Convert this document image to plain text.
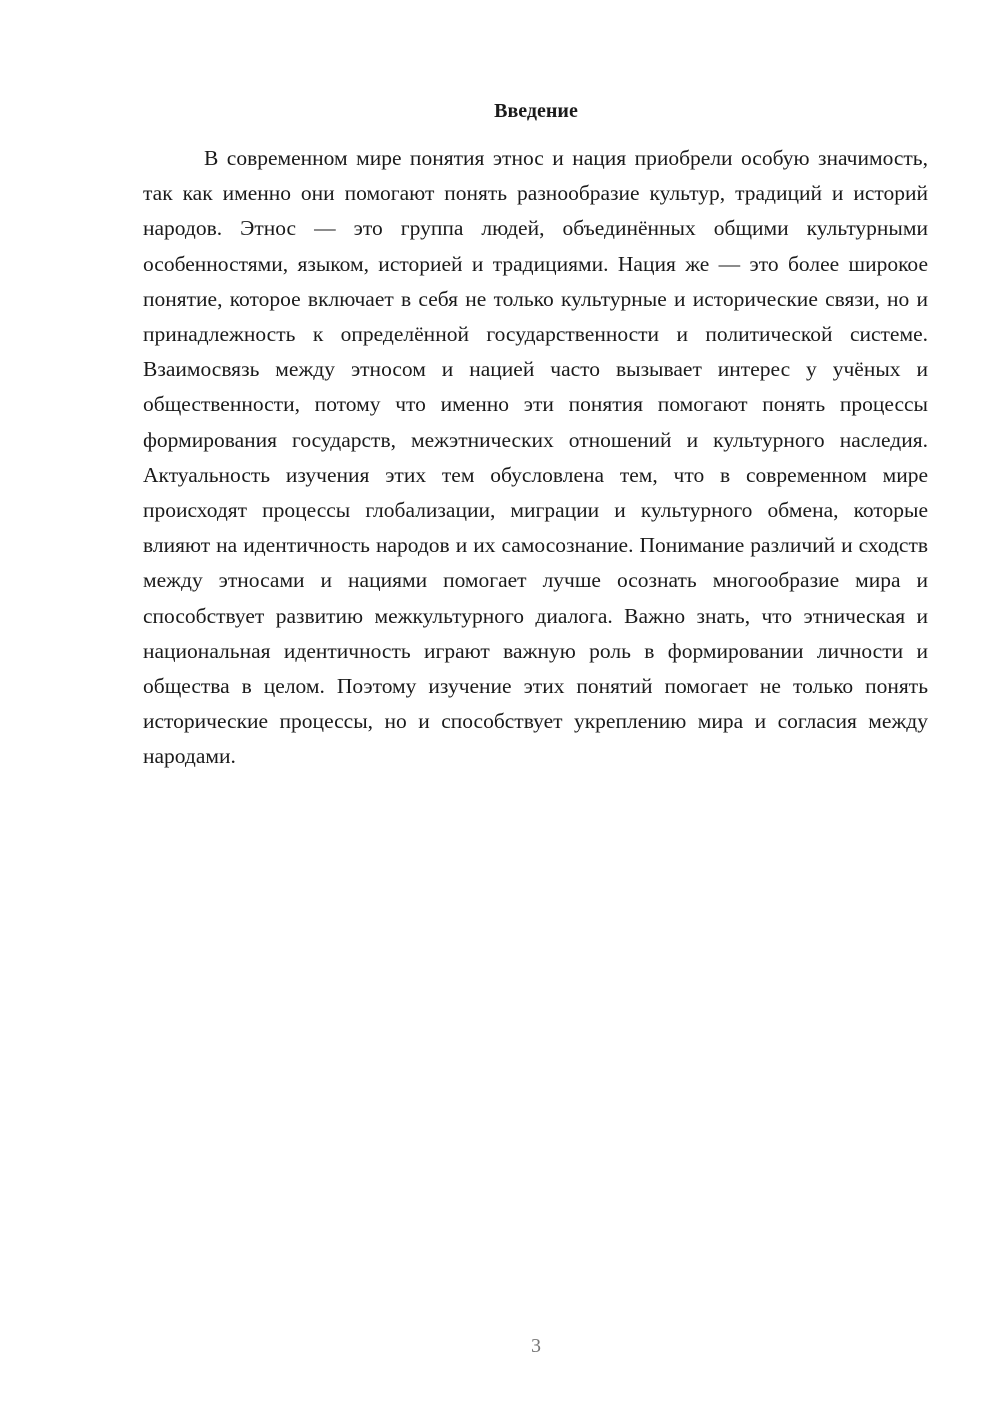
Введение

В современном мире понятия этнос и нация приобрели особую значимость, так как именно они помогают понять разнообразие культур, традиций и историй народов. Этнос — это группа людей, объединённых общими культурными особенностями, языком, историей и традициями. Нация же — это более широкое понятие, которое включает в себя не только культурные и исторические связи, но и принадлежность к определённой государственности и политической системе. Взаимосвязь между этносом и нацией часто вызывает интерес у учёных и общественности, потому что именно эти понятия помогают понять процессы формирования государств, межэтнических отношений и культурного наследия. Актуальность изучения этих тем обусловлена тем, что в современном мире происходят процессы глобализации, миграции и культурного обмена, которые влияют на идентичность народов и их самосознание. Понимание различий и сходств между этносами и нациями помогает лучше осознать многообразие мира и способствует развитию межкультурного диалога. Важно знать, что этническая и национальная идентичность играют важную роль в формировании личности и общества в целом. Поэтому изучение этих понятий помогает не только понять исторические процессы, но и способствует укреплению мира и согласия между народами.

3
